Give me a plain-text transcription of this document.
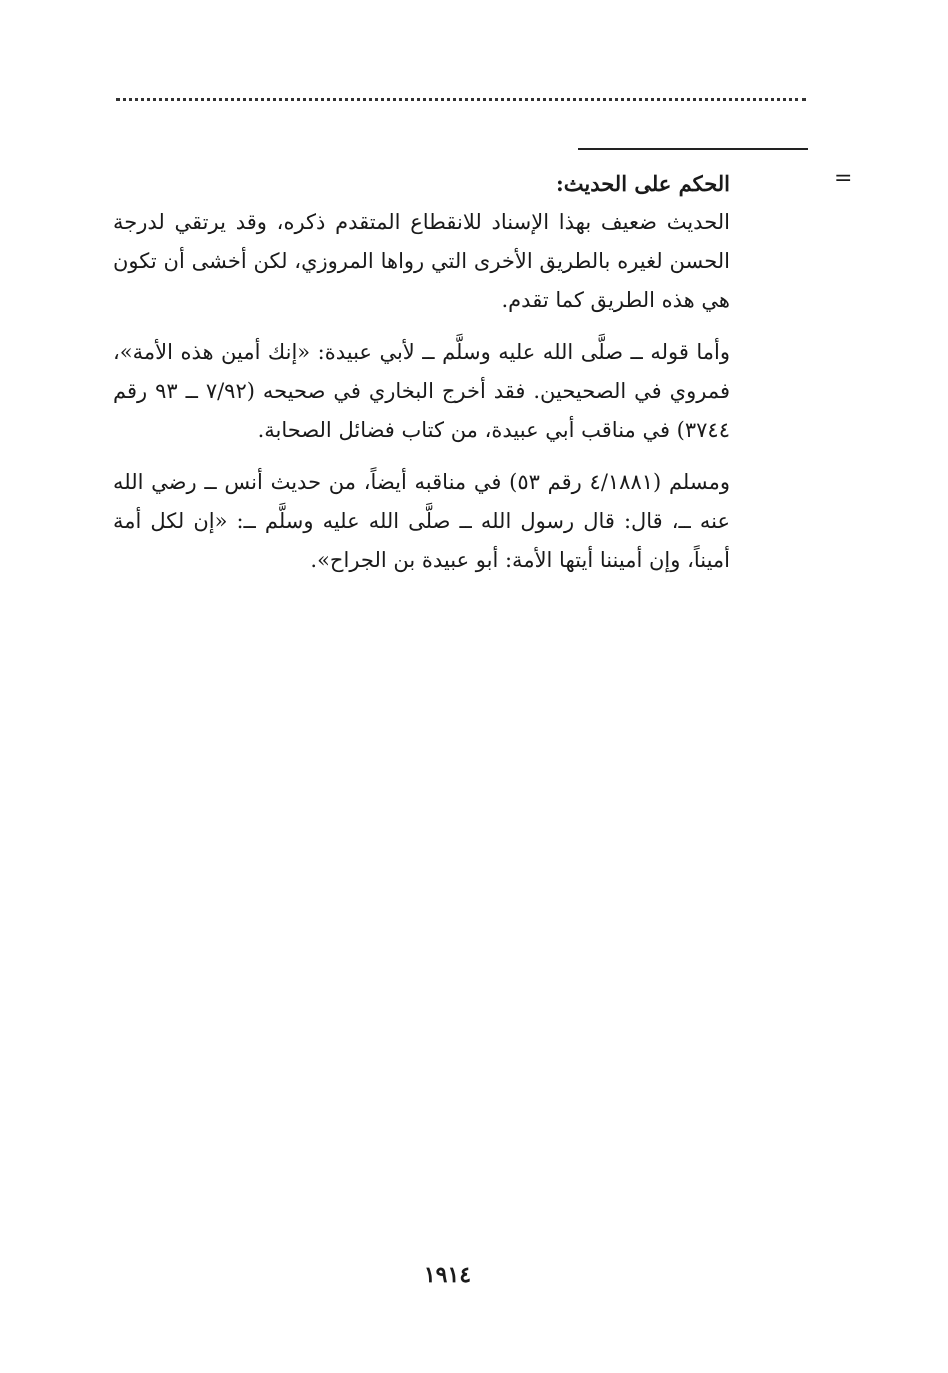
=
الحكم على الحديث:

الحديث ضعيف بهذا الإسناد للانقطاع المتقدم ذكره، وقد يرتقي لدرجة الحسن لغيره بالطريق الأخرى التي رواها المروزي، لكن أخشى أن تكون هي هذه الطريق كما تقدم.

وأما قوله ــ صلَّى الله عليه وسلَّم ــ لأبي عبيدة: «إنك أمين هذه الأمة»، فمروي في الصحيحين. فقد أخرج البخاري في صحيحه (٧/٩٢ ــ ٩٣ رقم ٣٧٤٤) في مناقب أبي عبيدة، من كتاب فضائل الصحابة.

ومسلم (٤/١٨٨١ رقم ٥٣) في مناقبه أيضاً، من حديث أنس ــ رضي الله عنه ــ، قال: قال رسول الله ــ صلَّى الله عليه وسلَّم ــ: «إن لكل أمة أميناً، وإن أميننا أيتها الأمة: أبو عبيدة بن الجراح».

١٩١٤
